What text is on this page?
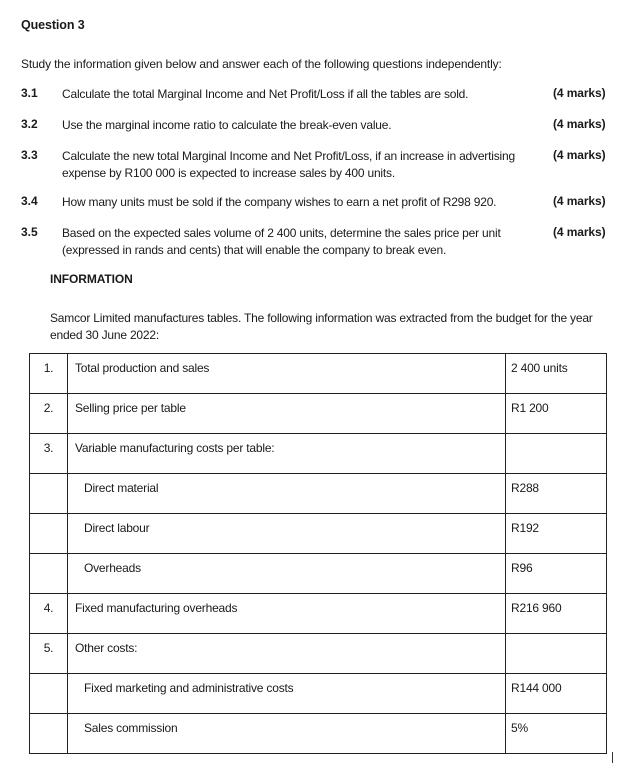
Question 3
Study the information given below and answer each of the following questions independently:
3.1 Calculate the total Marginal Income and Net Profit/Loss if all the tables are sold.	(4 marks)
3.2 Use the marginal income ratio to calculate the break-even value.	(4 marks)
3.3 Calculate the new total Marginal Income and Net Profit/Loss, if an increase in advertising expense by R100 000 is expected to increase sales by 400 units.
(4 marks)
3.4 How many units must be sold if the company wishes to earn a net profit of R298 920.	(4 marks)
3.5 Based on the expected sales volume of 2 400 units, determine the sales price per unit (expressed in rands and cents) that will enable the company to break even.
(4 marks)
INFORMATION
Samcor Limited manufactures tables. The following information was extracted from the budget for the year ended 30 June 2022:
1.	Total production and sales	2 400 units

2.	Selling price per table	R1 200

3.	Variable manufacturing costs per table:	

	Direct material	R288

	Direct labour	R192

	Overheads	R96

4.	Fixed manufacturing overheads	R216 960

5.	Other costs:	

	Fixed marketing and administrative costs	R144 000

	Sales commission	5%
